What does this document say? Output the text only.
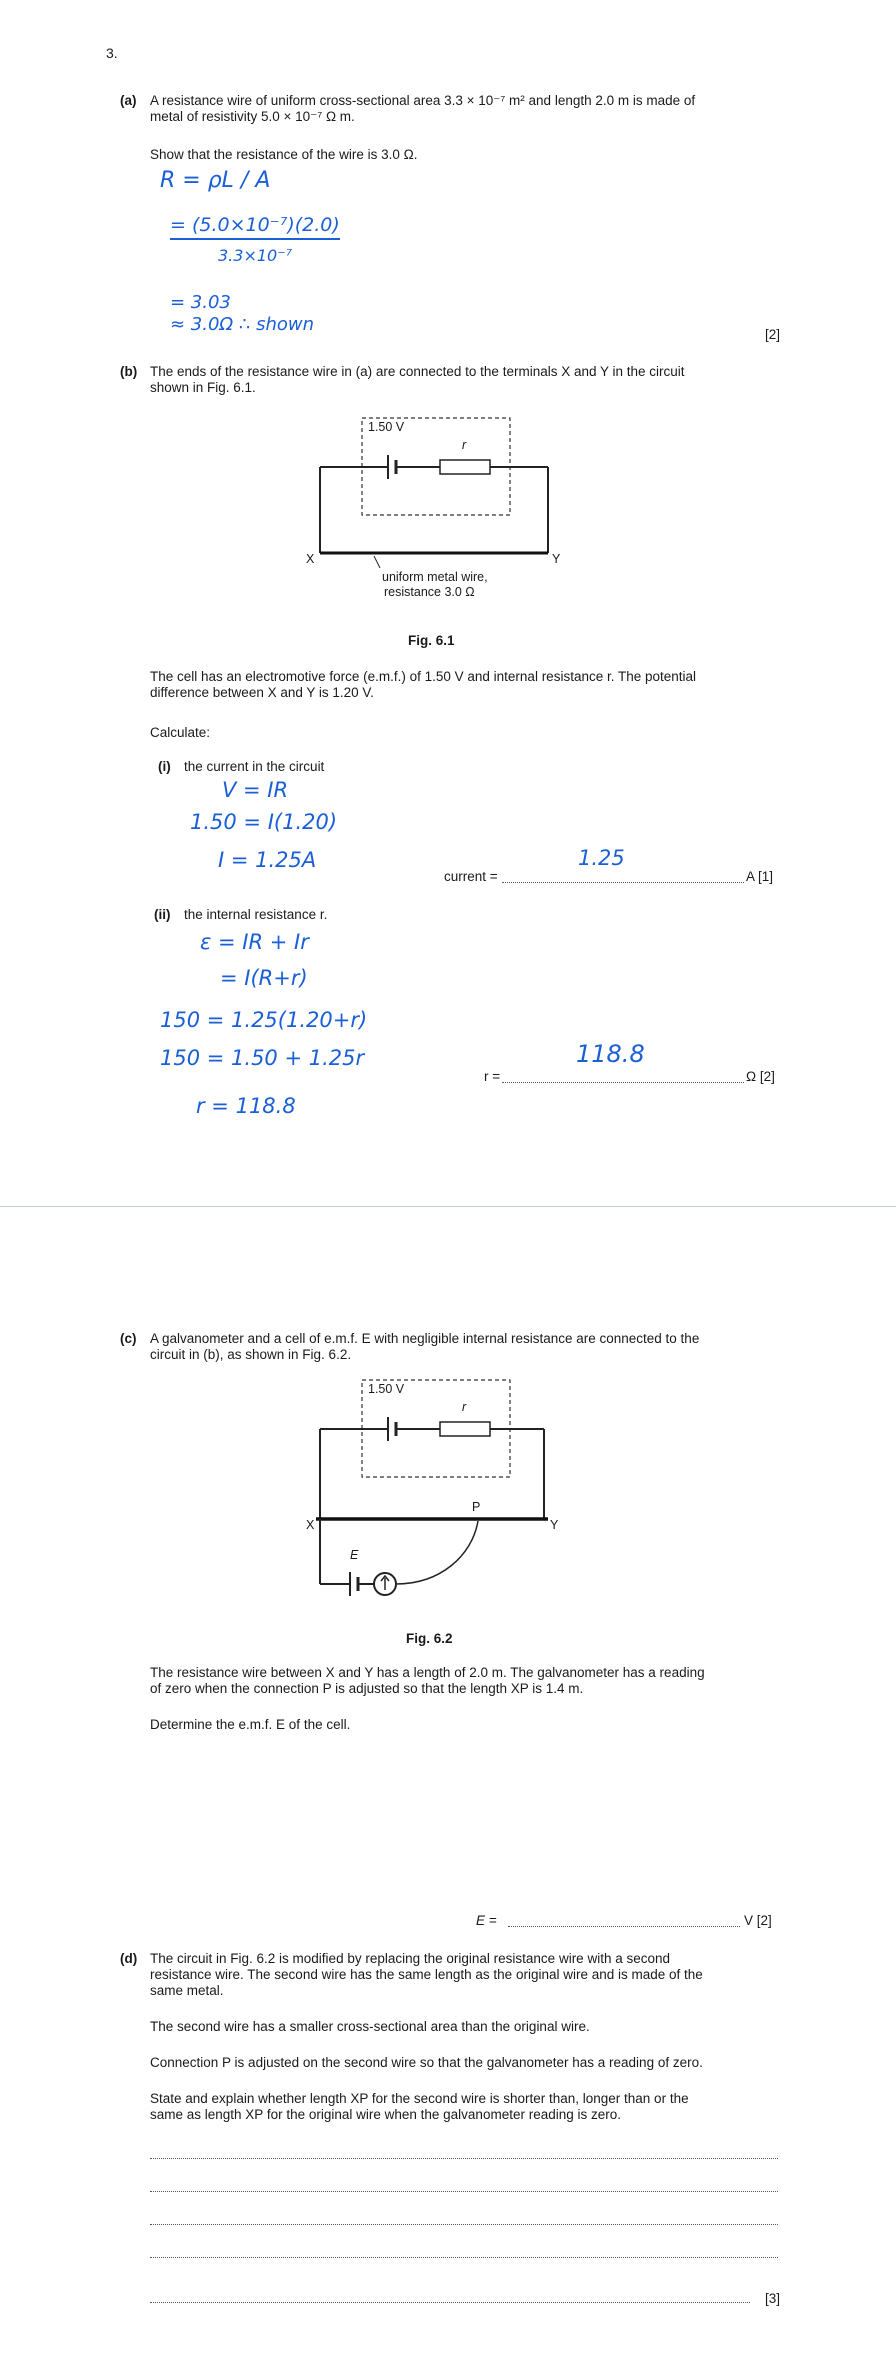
3.
(a) A resistance wire of uniform cross-sectional area 3.3 × 10⁻⁷ m² and length 2.0 m is made of
metal of resistivity 5.0 × 10⁻⁷ Ω m.
Show that the resistance of the wire is 3.0 Ω.
R = ρL / A
= (5.0×10⁻⁷)(2.0)
3.3×10⁻⁷
= 3.03
≈ 3.0Ω ∴ shown	[2]
(b) The ends of the resistance wire in (a) are connected to the terminals X and Y in the circuit
shown in Fig. 6.1.
1.50 V
r
X	Y
uniform metal wire,
resistance 3.0 Ω
Fig. 6.1
The cell has an electromotive force (e.m.f.) of 1.50 V and internal resistance r. The potential
difference between X and Y is 1.20 V.
Calculate:
(i) the current in the circuit
V = IR
1.50 = I(1.20)
I = 1.25A
current =
1.25
A [1]
(ii) the internal resistance r.
ε = IR + Ir
= I(R+r)
150 = 1.25(1.20+r)
150 = 1.50 + 1.25r
r = 118.8
r =
118.8
Ω [2]
(c) A galvanometer and a cell of e.m.f. E with negligible internal resistance are connected to the
circuit in (b), as shown in Fig. 6.2.
1.50 V
r
P
X	Y
E
Fig. 6.2
The resistance wire between X and Y has a length of 2.0 m. The galvanometer has a reading
of zero when the connection P is adjusted so that the length XP is 1.4 m.
Determine the e.m.f. E of the cell.
E =	V [2]
(d) The circuit in Fig. 6.2 is modified by replacing the original resistance wire with a second
resistance wire. The second wire has the same length as the original wire and is made of the
same metal.
The second wire has a smaller cross-sectional area than the original wire.
Connection P is adjusted on the second wire so that the galvanometer has a reading of zero.
State and explain whether length XP for the second wire is shorter than, longer than or the
same as length XP for the original wire when the galvanometer reading is zero.
[3]
